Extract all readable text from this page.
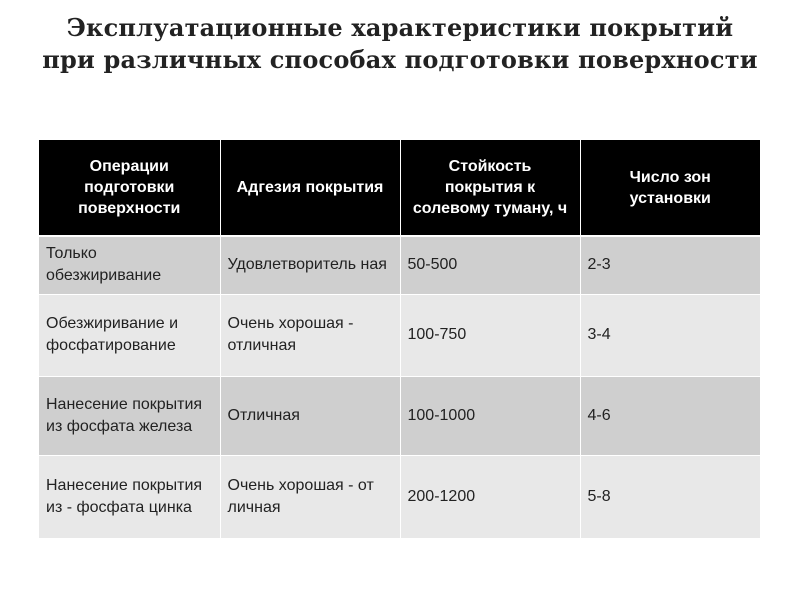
Эксплуатационные характеристики покрытий
при различных способах подготовки поверхности
Операции подготовки поверхности	Адгезия покрытия	Стойкость покрытия к солевому туману, ч	Число зон установки
Только обезжиривание	Удовлетворитель ная	50-500	2-3
Обезжиривание и фосфатирование	Очень хорошая - отличная	100-750	3-4
Нанесение покрытия из фосфата железа	Отличная	100-1000	4-6
Нанесение покрытия из - фосфата цинка	Очень хорошая - от личная	200-1200	5-8
